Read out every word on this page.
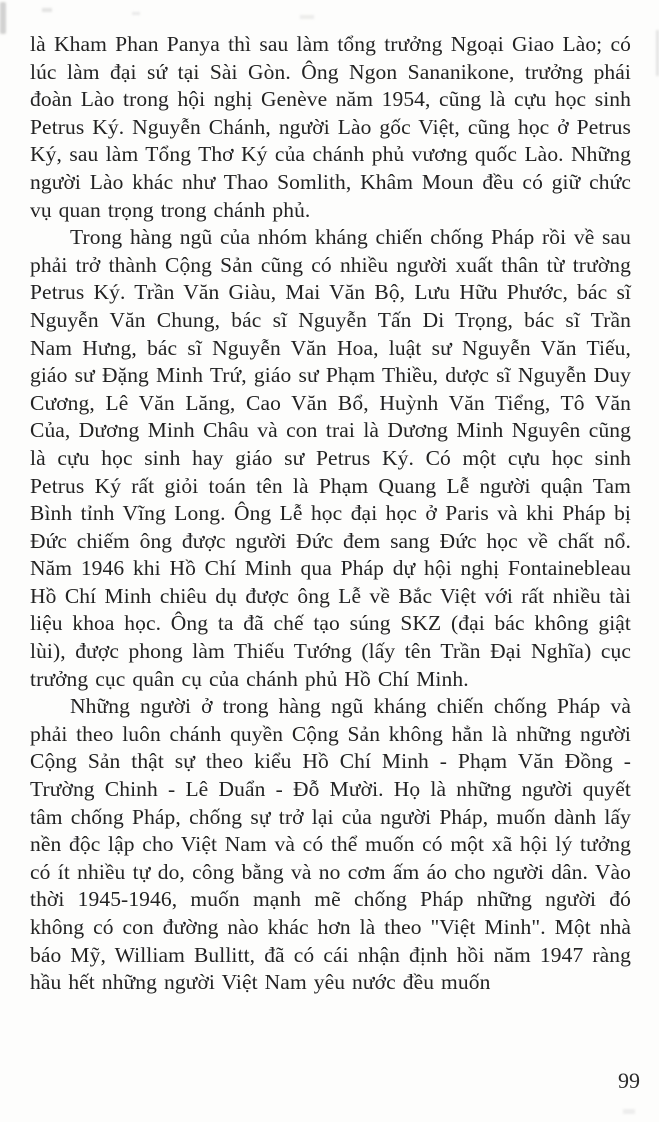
là Kham Phan Panya thì sau làm tổng trưởng Ngoại Giao Lào; có lúc làm đại sứ tại Sài Gòn. Ông Ngon Sananikone, trưởng phái đoàn Lào trong hội nghị Genève năm 1954, cũng là cựu học sinh Petrus Ký. Nguyễn Chánh, người Lào gốc Việt, cũng học ở Petrus Ký, sau làm Tổng Thơ Ký của chánh phủ vương quốc Lào. Những người Lào khác như Thao Somlith, Khâm Moun đều có giữ chức vụ quan trọng trong chánh phủ.

Trong hàng ngũ của nhóm kháng chiến chống Pháp rồi về sau phải trở thành Cộng Sản cũng có nhiều người xuất thân từ trường Petrus Ký. Trần Văn Giàu, Mai Văn Bộ, Lưu Hữu Phước, bác sĩ Nguyễn Văn Chung, bác sĩ Nguyễn Tấn Di Trọng, bác sĩ Trần Nam Hưng, bác sĩ Nguyễn Văn Hoa, luật sư Nguyễn Văn Tiếu, giáo sư Đặng Minh Trứ, giáo sư Phạm Thiều, dược sĩ Nguyễn Duy Cương, Lê Văn Lăng, Cao Văn Bổ, Huỳnh Văn Tiểng, Tô Văn Của, Dương Minh Châu và con trai là Dương Minh Nguyên cũng là cựu học sinh hay giáo sư Petrus Ký. Có một cựu học sinh Petrus Ký rất giỏi toán tên là Phạm Quang Lễ người quận Tam Bình tỉnh Vĩng Long. Ông Lễ học đại học ở Paris và khi Pháp bị Đức chiếm ông được người Đức đem sang Đức học về chất nổ. Năm 1946 khi Hồ Chí Minh qua Pháp dự hội nghị Fontainebleau Hồ Chí Minh chiêu dụ được ông Lễ về Bắc Việt với rất nhiều tài liệu khoa học. Ông ta đã chế tạo súng SKZ (đại bác không giật lùi), được phong làm Thiếu Tướng (lấy tên Trần Đại Nghĩa) cục trưởng cục quân cụ của chánh phủ Hồ Chí Minh.

Những người ở trong hàng ngũ kháng chiến chống Pháp và phải theo luôn chánh quyền Cộng Sản không hẳn là những người Cộng Sản thật sự theo kiểu Hồ Chí Minh - Phạm Văn Đồng - Trường Chinh - Lê Duẩn - Đỗ Mười. Họ là những người quyết tâm chống Pháp, chống sự trở lại của người Pháp, muốn dành lấy nền độc lập cho Việt Nam và có thể muốn có một xã hội lý tưởng có ít nhiều tự do, công bằng và no cơm ấm áo cho người dân. Vào thời 1945-1946, muốn mạnh mẽ chống Pháp những người đó không có con đường nào khác hơn là theo "Việt Minh". Một nhà báo Mỹ, William Bullitt, đã có cái nhận định hồi năm 1947 ràng hầu hết những người Việt Nam yêu nước đều muốn

99
